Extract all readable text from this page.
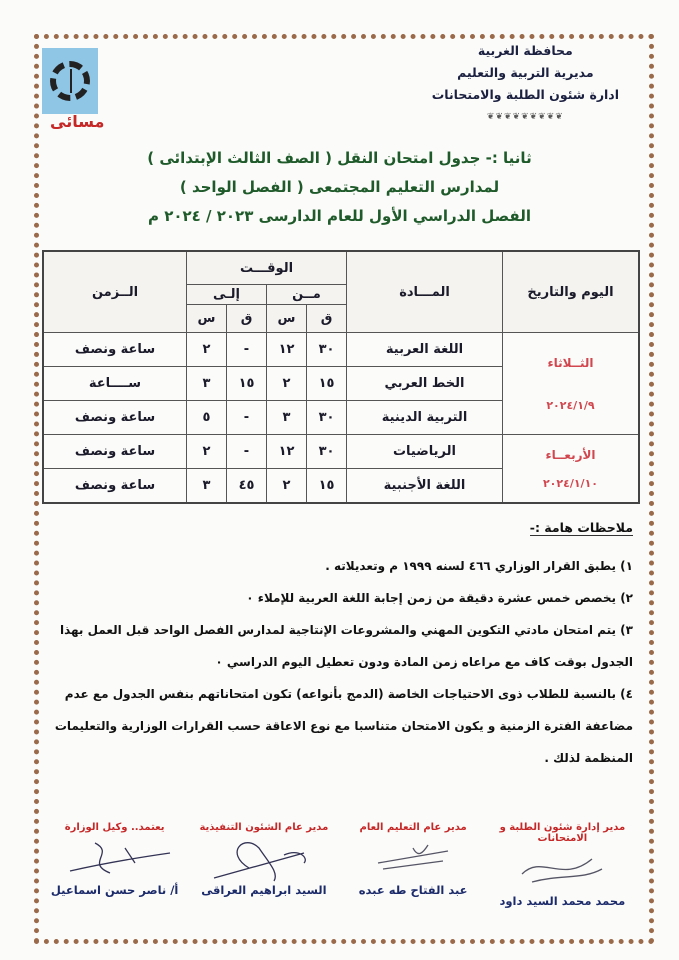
مسائى
محافظة الغربية
مديرية التربية والتعليم
ادارة شئون الطلبة والامتحانات
❦❦❦❦❦❦❦❦❦
ثانيا :- جدول امتحان النقل ( الصف الثالث الإبتدائى )
لمدارس التعليم المجتمعى ( الفصل الواحد )
الفصل الدراسي الأول للعام الدارسى ٢٠٢٣ / ٢٠٢٤ م
اليوم والتاريخ	المـــادة	الوقـــت				الــزمن
		مــن		إلـى		
		ق	س	ق	س	
الثــلاثاء
٢٠٢٤/١/٩	اللغة العربية	٣٠	١٢	-	٢	ساعة ونصف
	الخط العربي	١٥	٢	١٥	٣	ســــاعة
	التربية الدينية	٣٠	٣	-	٥	ساعة ونصف
الأربعــاء
٢٠٢٤/١/١٠	الرياضيات	٣٠	١٢	-	٢	ساعة ونصف
	اللغة الأجنبية	١٥	٢	٤٥	٣	ساعة ونصف
ملاحظات هامة :-

١) يطبق القرار الوزاري ٤٦٦ لسنه ١٩٩٩ م وتعديلاته .

٢) يخصص خمس عشرة دقيقة من زمن إجابة اللغة العربية للإملاء ٠

٣) يتم امتحان مادتي التكوين المهني والمشروعات الإنتاجية لمدارس الفصل الواحد قبل العمل بهذا الجدول بوقت كاف مع مراعاه زمن المادة ودون تعطيل اليوم الدراسي ٠

٤) بالنسبة للطلاب ذوى الاحتياجات الخاصة (الدمج بأنواعه) تكون امتحاناتهم بنفس الجدول مع عدم مضاعفة الفترة الزمنية و يكون الامتحان متناسبا مع نوع الاعاقة حسب القرارات الوزارية والتعليمات المنظمة لذلك .

مدير إدارة شئون الطلبة و الامتحانات
محمد محمد السيد داود
مدير عام التعليم العام
عبد الفتاح طه عبده
مدير عام الشئون التنفيذية
السيد ابراهيم العراقى
يعتمد.. وكيل الوزارة
أ/ ناصر حسن اسماعيل
